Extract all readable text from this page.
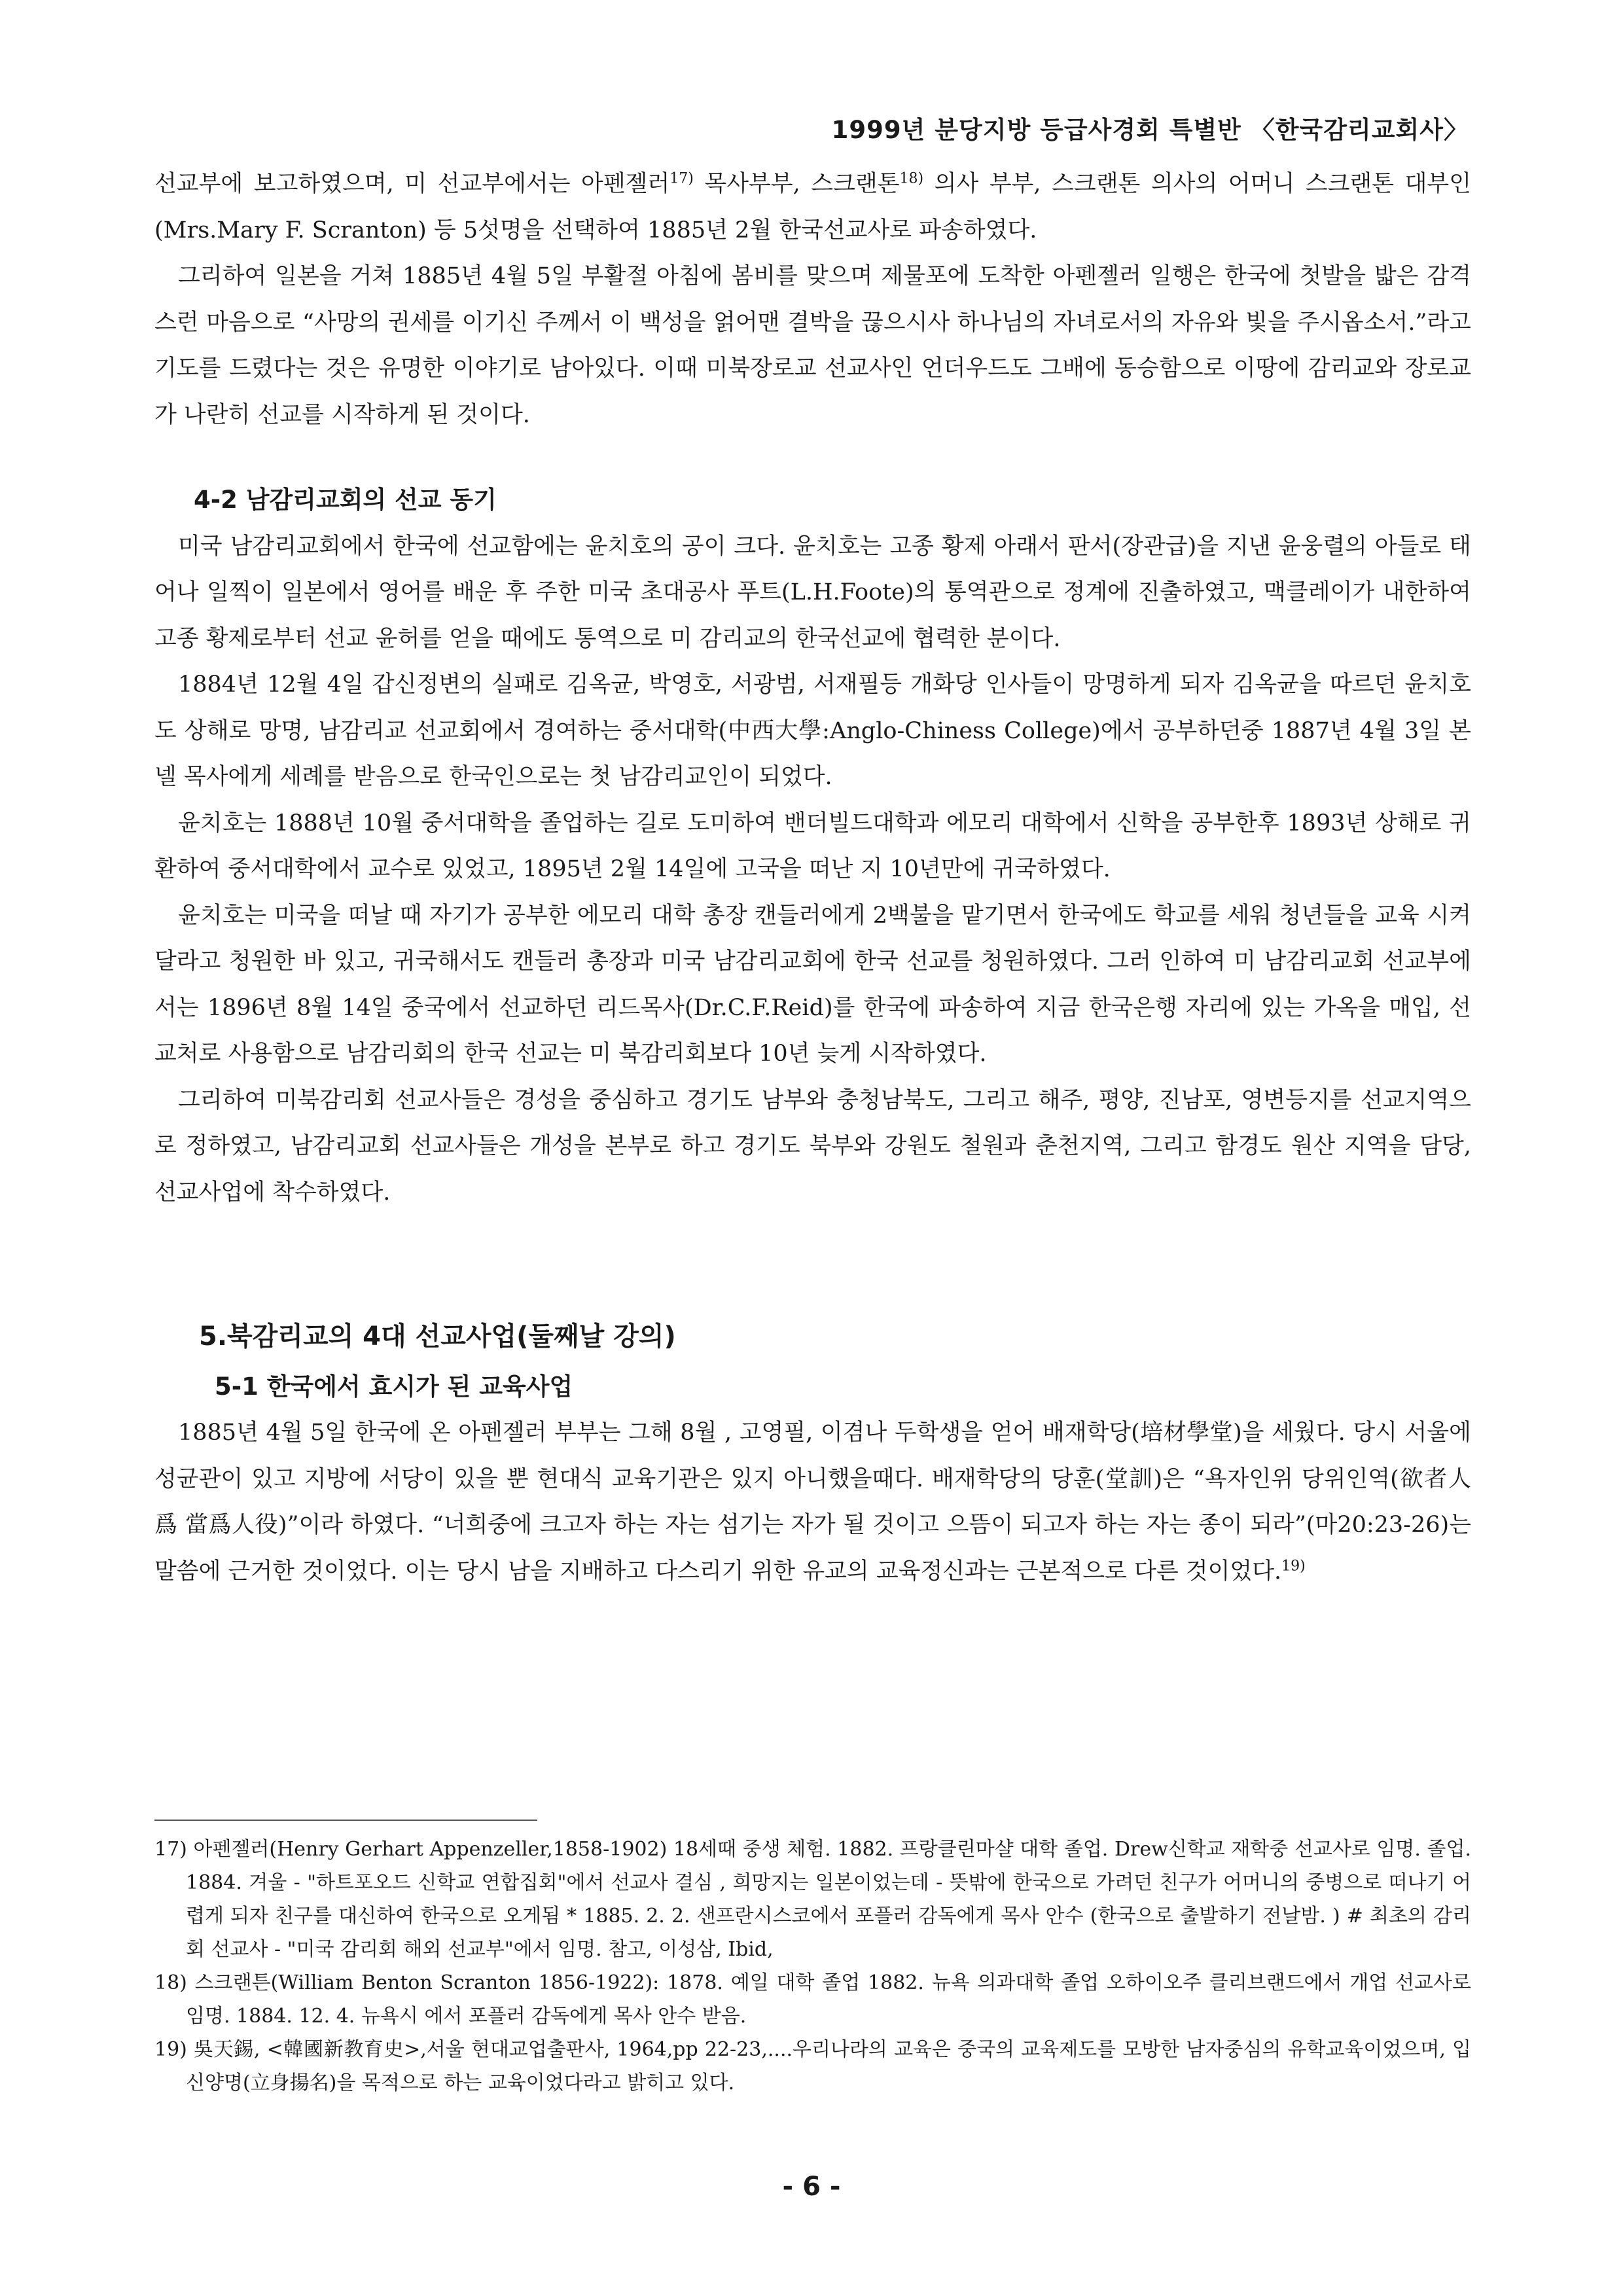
1999년 분당지방 등급사경회 특별반 〈한국감리교회사〉

선교부에 보고하였으며, 미 선교부에서는 아펜젤러$^{17)}$ 목사부부, 스크랜톤$^{18)}$ 의사 부부, 스크랜톤 의사의 어머니 스크랜톤 대부인(Mrs.Mary F. Scranton) 등 5섯명을 선택하여 1885년 2월 한국선교사로 파송하였다.

그리하여 일본을 거쳐 1885년 4월 5일 부활절 아침에 봄비를 맞으며 제물포에 도착한 아펜젤러 일행은 한국에 첫발을 밟은 감격스런 마음으로 “사망의 권세를 이기신 주께서 이 백성을 얽어맨 결박을 끊으시사 하나님의 자녀로서의 자유와 빛을 주시옵소서.”라고 기도를 드렸다는 것은 유명한 이야기로 남아있다. 이때 미북장로교 선교사인 언더우드도 그배에 동승함으로 이땅에 감리교와 장로교가 나란히 선교를 시작하게 된 것이다.

4-2 남감리교회의 선교 동기

미국 남감리교회에서 한국에 선교함에는 윤치호의 공이 크다. 윤치호는 고종 황제 아래서 판서(장관급)을 지낸 윤웅렬의 아들로 태어나 일찍이 일본에서 영어를 배운 후 주한 미국 초대공사 푸트(L.H.Foote)의 통역관으로 정계에 진출하였고, 맥클레이가 내한하여 고종 황제로부터 선교 윤허를 얻을 때에도 통역으로 미 감리교의 한국선교에 협력한 분이다.

1884년 12월 4일 갑신정변의 실패로 김옥균, 박영호, 서광범, 서재필등 개화당 인사들이 망명하게 되자 김옥균을 따르던 윤치호도 상해로 망명, 남감리교 선교회에서 경여하는 중서대학(中西大學:Anglo-Chiness College)에서 공부하던중 1887년 4월 3일 본넬 목사에게 세례를 받음으로 한국인으로는 첫 남감리교인이 되었다.

윤치호는 1888년 10월 중서대학을 졸업하는 길로 도미하여 밴더빌드대학과 에모리 대학에서 신학을 공부한후 1893년 상해로 귀환하여 중서대학에서 교수로 있었고, 1895년 2월 14일에 고국을 떠난 지 10년만에 귀국하였다.

윤치호는 미국을 떠날 때 자기가 공부한 에모리 대학 총장 캔들러에게 2백불을 맡기면서 한국에도 학교를 세워 청년들을 교육 시켜 달라고 청원한 바 있고, 귀국해서도 캔들러 총장과 미국 남감리교회에 한국 선교를 청원하였다. 그러 인하여 미 남감리교회 선교부에서는 1896년 8월 14일 중국에서 선교하던 리드목사(Dr.C.F.Reid)를 한국에 파송하여 지금 한국은행 자리에 있는 가옥을 매입, 선교처로 사용함으로 남감리회의 한국 선교는 미 북감리회보다 10년 늦게 시작하였다.

그리하여 미북감리회 선교사들은 경성을 중심하고 경기도 남부와 충청남북도, 그리고 해주, 평양, 진남포, 영변등지를 선교지역으로 정하였고, 남감리교회 선교사들은 개성을 본부로 하고 경기도 북부와 강원도 철원과 춘천지역, 그리고 함경도 원산 지역을 담당, 선교사업에 착수하였다.

5.북감리교의 4대 선교사업(둘째날 강의)

5-1 한국에서 효시가 된 교육사업

1885년 4월 5일 한국에 온 아펜젤러 부부는 그해 8월 , 고영필, 이겸나 두학생을 얻어 배재학당(培材學堂)을 세웠다. 당시 서울에 성균관이 있고 지방에 서당이 있을 뿐 현대식 교육기관은 있지 아니했을때다. 배재학당의 당훈(堂訓)은 “욕자인위 당위인역(欲者人爲 當爲人役)”이라 하였다. “너희중에 크고자 하는 자는 섬기는 자가 될 것이고 으뜸이 되고자 하는 자는 종이 되라”(마20:23-26)는 말씀에 근거한 것이었다. 이는 당시 남을 지배하고 다스리기 위한 유교의 교육정신과는 근본적으로 다른 것이었다.$^{19)}$

17) 아펜젤러(Henry Gerhart Appenzeller,1858-1902) 18세때 중생 체험. 1882. 프랑클린마샬 대학 졸업. Drew신학교 재학중 선교사로 임명. 졸업. 1884. 겨울 - "하트포오드 신학교 연합집회"에서 선교사 결심 , 희망지는 일본이었는데 - 뜻밖에 한국으로 가려던 친구가 어머니의 중병으로 떠나기 어렵게 되자 친구를 대신하여 한국으로 오게됨 * 1885. 2. 2. 샌프란시스코에서 포플러 감독에게 목사 안수 (한국으로 출발하기 전날밤. ) # 최초의 감리회 선교사 - "미국 감리회 해외 선교부"에서 임명. 참고, 이성삼, Ibid,

18) 스크랜튼(William Benton Scranton 1856-1922): 1878. 예일 대학 졸업 1882. 뉴욕 의과대학 졸업 오하이오주 클리브랜드에서 개업 선교사로 임명. 1884. 12. 4. 뉴욕시 에서 포플러 감독에게 목사 안수 받음.

19) 吳天錫, <韓國新教育史>,서울 현대교업출판사, 1964,pp 22-23,....우리나라의 교육은 중국의 교육제도를 모방한 남자중심의 유학교육이었으며, 입신양명(立身揚名)을 목적으로 하는 교육이었다라고 밝히고 있다.

- 6 -
